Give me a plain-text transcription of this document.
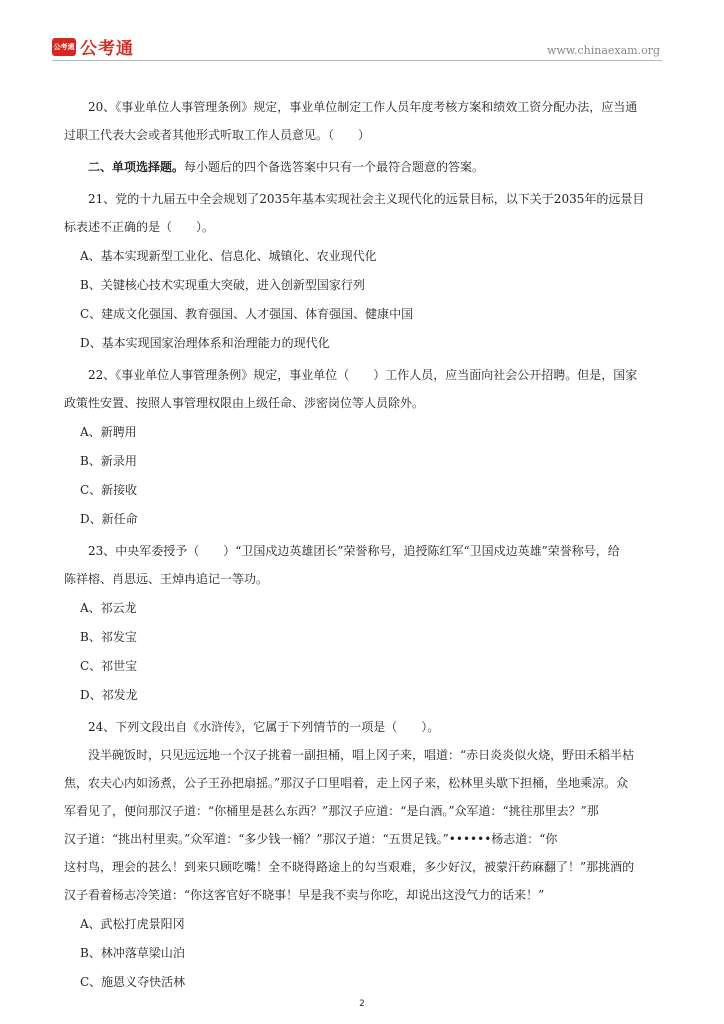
公考通 公考通	www.chinaexam.org
20、《事业单位人事管理条例》规定，事业单位制定工作人员年度考核方案和绩效工资分配办法，应当通
过职工代表大会或者其他形式听取工作人员意见。（　　）
二、单项选择题。每小题后的四个备选答案中只有一个最符合题意的答案。
21、党的十九届五中全会规划了2035年基本实现社会主义现代化的远景目标，以下关于2035年的远景目
标表述不正确的是（　　）。
A、基本实现新型工业化、信息化、城镇化、农业现代化
B、关键核心技术实现重大突破，进入创新型国家行列
C、建成文化强国、教育强国、人才强国、体育强国、健康中国
D、基本实现国家治理体系和治理能力的现代化
22、《事业单位人事管理条例》规定，事业单位（　　）工作人员，应当面向社会公开招聘。但是，国家
政策性安置、按照人事管理权限由上级任命、涉密岗位等人员除外。
A、新聘用
B、新录用
C、新接收
D、新任命
23、中央军委授予（　　）“卫国戍边英雄团长”荣誉称号，追授陈红军“卫国戍边英雄”荣誉称号，给
陈祥榕、肖思远、王焯冉追记一等功。
A、祁云龙
B、祁发宝
C、祁世宝
D、祁发龙
24、下列文段出自《水浒传》，它属于下列情节的一项是（　　）。
没半碗饭时，只见远远地一个汉子挑着一副担桶，唱上冈子来，唱道：“赤日炎炎似火烧，野田禾稻半枯
焦，农夫心内如汤煮，公子王孙把扇摇。”那汉子口里唱着，走上冈子来，松林里头歇下担桶，坐地乘凉。众
军看见了，便问那汉子道：“你桶里是甚么东西？”那汉子应道：“是白酒。”众军道：“挑往那里去？”那
汉子道：“挑出村里卖。”众军道：“多少钱一桶？”那汉子道：“五贯足钱。”••••••杨志道：“你
这村鸟，理会的甚么！到来只顾吃嘴！全不晓得路途上的勾当艰难，多少好汉，被蒙汗药麻翻了！”那挑酒的
汉子看着杨志冷笑道：“你这客官好不晓事！早是我不卖与你吃，却说出这没气力的话来！”
A、武松打虎景阳冈
B、林冲落草梁山泊
C、施恩义夺快活林
2
